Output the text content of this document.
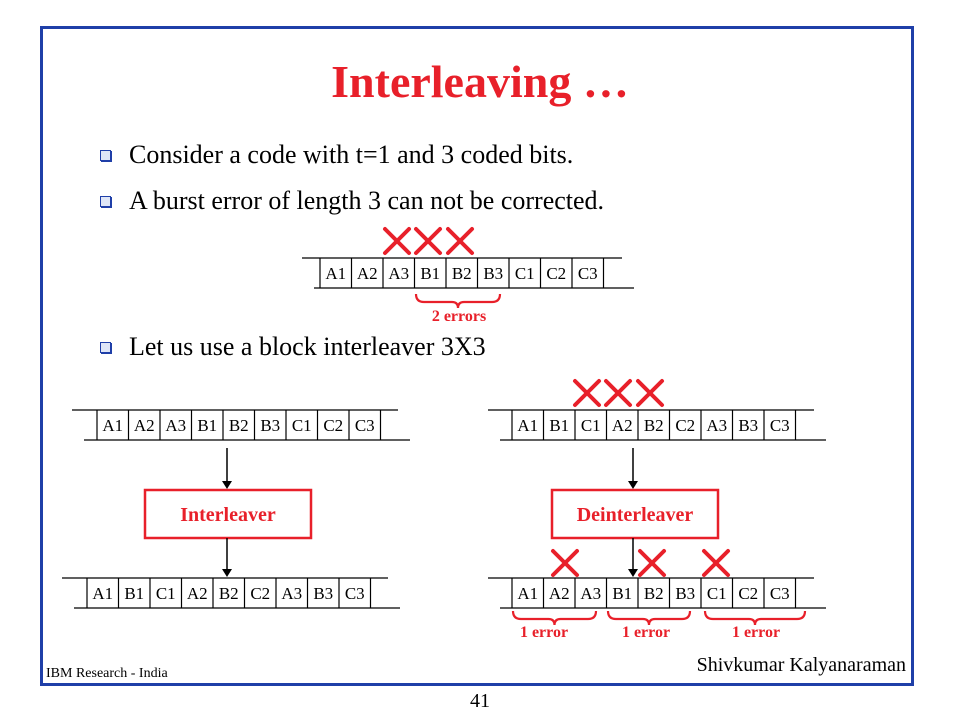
Interleaving …
Consider a code with t=1 and 3 coded bits.
A burst error of length 3 can not be corrected.
Let us use a block interleaver 3X3
A1 A2 A3 B1 B2 B3 C1 C2 C3
A1 A2 A3 B1 B2 B3 C1 C2 C3
A1 B1 C1 A2 B2 C2 A3 B3 C3
A1 B1 C1 A2 B2 C2 A3 B3 C3
A1 A2 A3 B1 B2 B3 C1 C2 C3
Interleaver	Deinterleaver
2 errors
1 error	1 error	1 error
IBM Research - India	Shivkumar Kalyanaraman
41
